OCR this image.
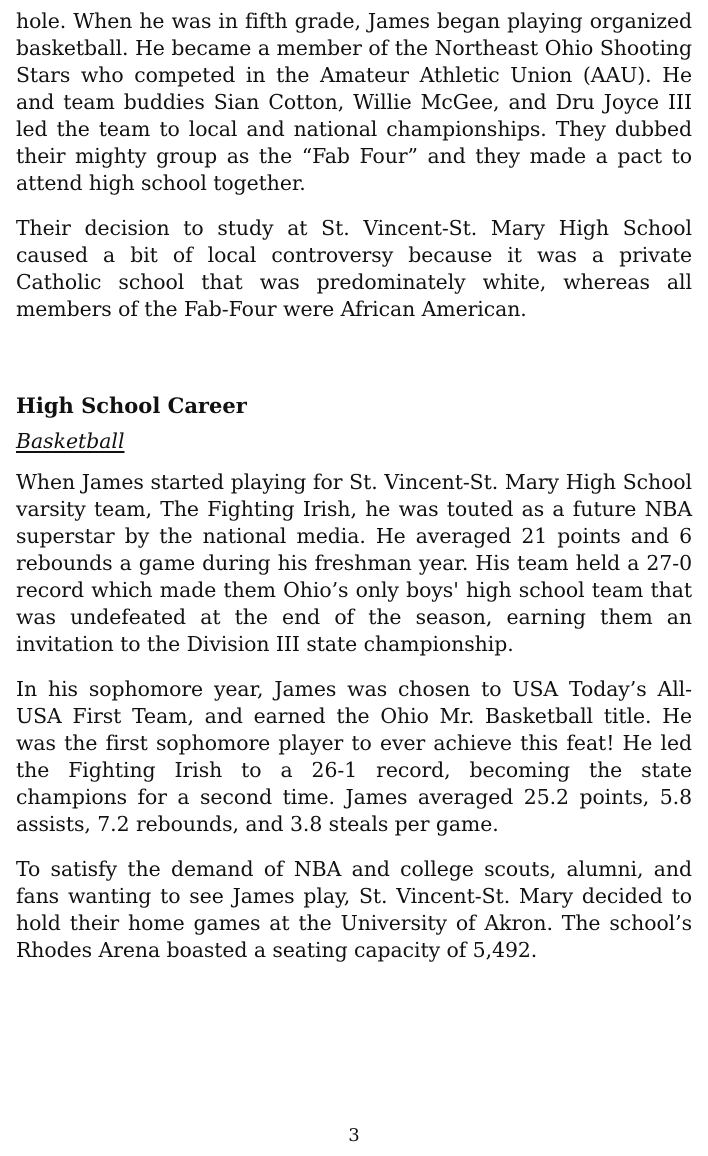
hole. When he was in fifth grade, James began playing organized basketball. He became a member of the Northeast Ohio Shooting Stars who competed in the Amateur Athletic Union (AAU). He and team buddies Sian Cotton, Willie McGee, and Dru Joyce III led the team to local and national championships. They dubbed their mighty group as the “Fab Four” and they made a pact to attend high school together.

Their decision to study at St. Vincent-St. Mary High School caused a bit of local controversy because it was a private Catholic school that was predominately white, whereas all members of the Fab-Four were African American.

High School Career
Basketball

When James started playing for St. Vincent-St. Mary High School varsity team, The Fighting Irish, he was touted as a future NBA superstar by the national media. He averaged 21 points and 6 rebounds a game during his freshman year. His team held a 27-0 record which made them Ohio’s only boys' high school team that was undefeated at the end of the season, earning them an invitation to the Division III state championship.

In his sophomore year, James was chosen to USA Today’s All-USA First Team, and earned the Ohio Mr. Basketball title. He was the first sophomore player to ever achieve this feat! He led the Fighting Irish to a 26-1 record, becoming the state champions for a second time. James averaged 25.2 points, 5.8 assists, 7.2 rebounds, and 3.8 steals per game.

To satisfy the demand of NBA and college scouts, alumni, and fans wanting to see James play, St. Vincent-St. Mary decided to hold their home games at the University of Akron. The school’s Rhodes Arena boasted a seating capacity of 5,492.

3
